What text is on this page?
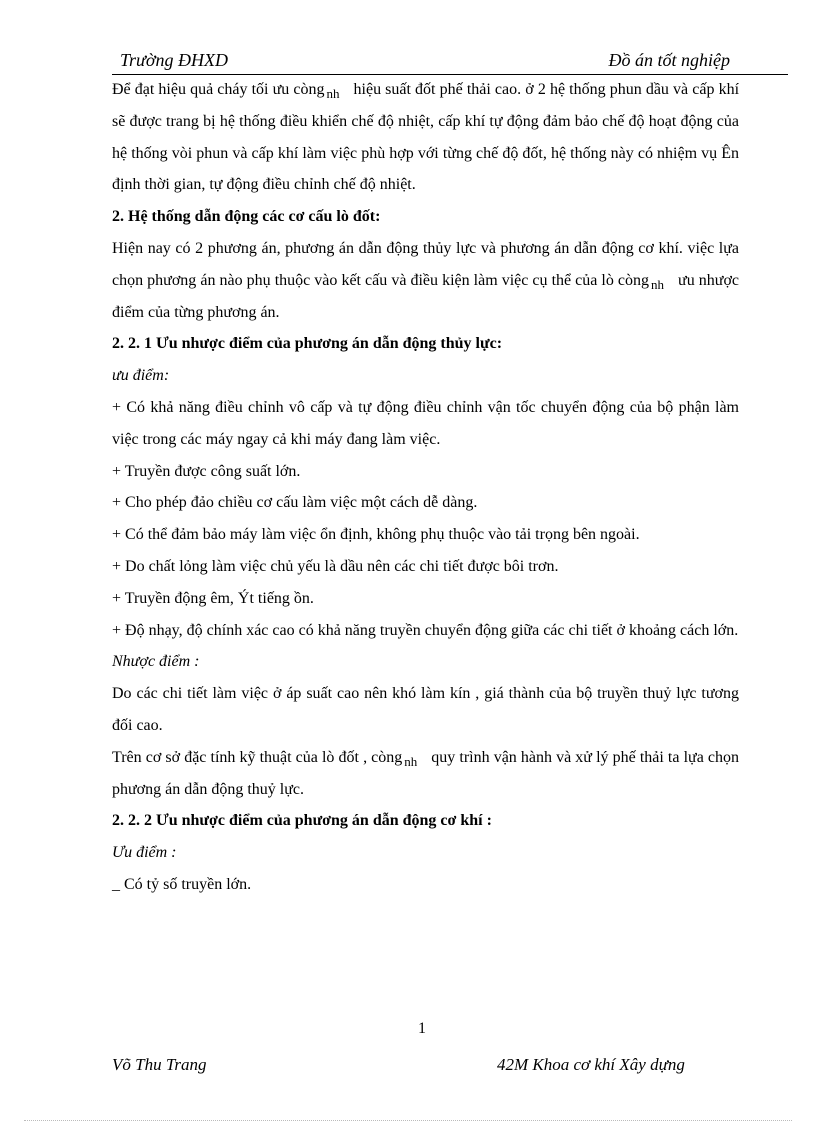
Trường ĐHXD	Đồ án tốt nghiệp

Để đạt hiệu quả cháy tối ưu còng $_{nh}$ hiệu suất đốt phế thải cao. ở 2 hệ thống phun dầu và cấp khí sẽ được trang bị hệ thống điều khiển chế độ nhiệt, cấp khí tự động đảm bảo chế độ hoạt động của hệ thống vòi phun và cấp khí làm việc phù hợp với từng chế độ đốt, hệ thống này có nhiệm vụ Ên định thời gian, tự động điều chỉnh chế độ nhiệt.

2. Hệ thống dẫn động các cơ cấu lò đốt:

Hiện nay có 2 phương án, phương án dẫn động thủy lực và phương án dẫn động cơ khí. việc lựa chọn phương án nào phụ thuộc vào kết cấu và điều kiện làm việc cụ thể của lò còng $_{nh}$ ưu nhược điểm của từng phương án.

2. 2. 1 Ưu nhược điểm của phương án dẫn động thủy lực:

ưu điểm:

+ Có khả năng điều chỉnh vô cấp và tự động điều chỉnh vận tốc chuyển động của bộ phận làm việc trong các máy ngay cả khi máy đang làm việc.

+ Truyền được công suất lớn.

+ Cho phép đảo chiều cơ cấu làm việc một cách dễ dàng.

+ Có thể đảm bảo máy làm việc ổn định, không phụ thuộc vào tải trọng bên ngoài.

+ Do chất lỏng làm việc chủ yếu là dầu nên các chi tiết được bôi trơn.

+ Truyền động êm, Ýt tiếng ồn.

+ Độ nhạy, độ chính xác cao có khả năng truyền chuyển động giữa các chi tiết ở khoảng cách lớn.

Nhược điểm :

Do các chi tiết làm việc ở áp suất cao nên khó làm kín , giá thành của bộ truyền thuỷ lực tương đối cao.

Trên cơ sở đặc tính kỹ thuật của lò đốt , còng $_{nh}$ quy trình vận hành và xử lý phế thải ta lựa chọn phương án dẫn động thuỷ lực.

2. 2. 2 Ưu nhược điểm của phương án dẫn động cơ khí :

Ưu điểm :

_ Có tỷ số truyền lớn.

1
Võ Thu Trang	42M Khoa cơ khí Xây dựng
